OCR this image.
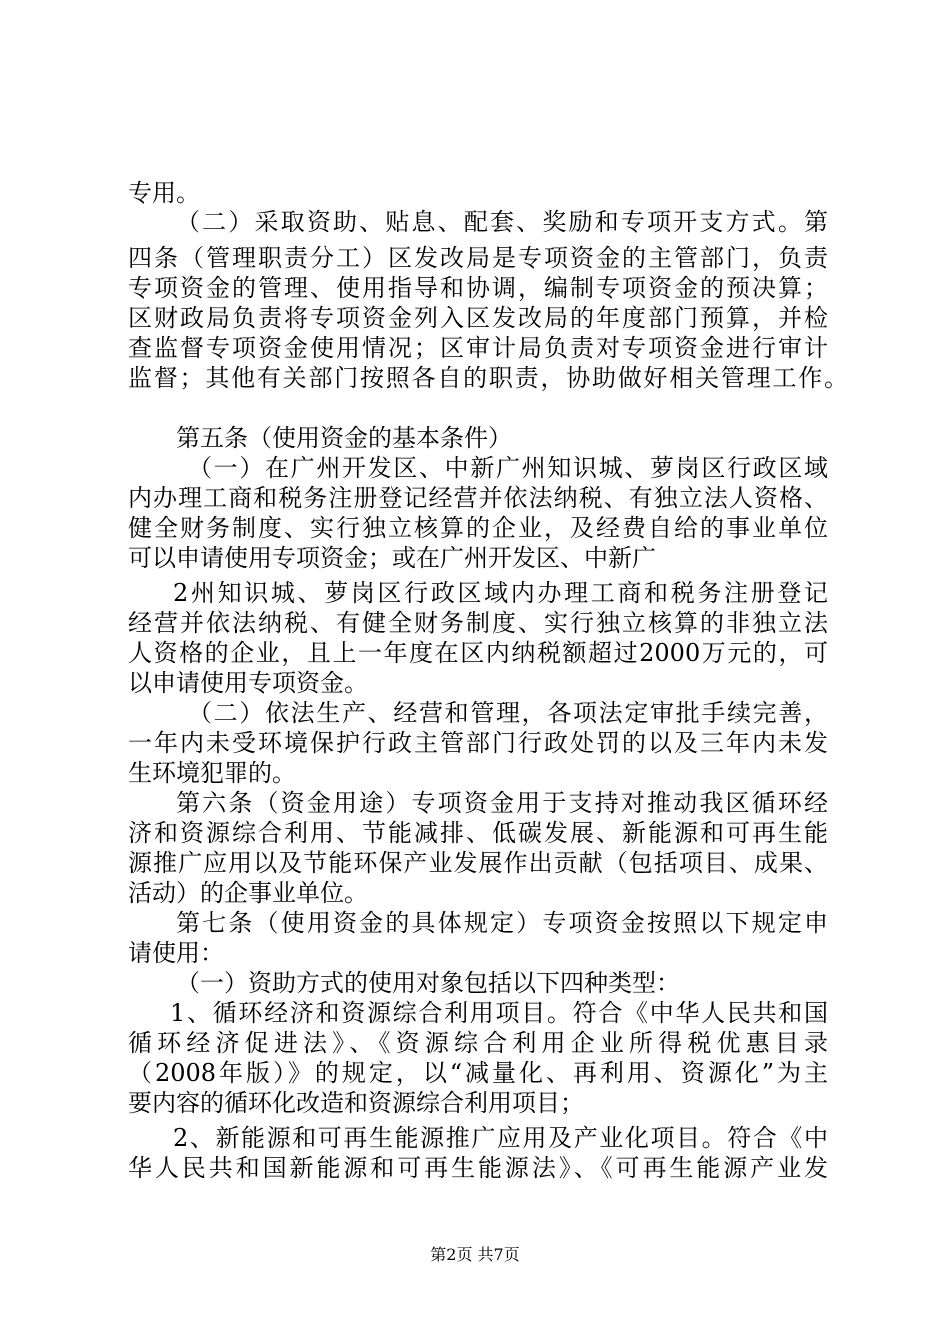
专用。
（二）采取资助、贴息、配套、奖励和专项开支方式。第
四条（管理职责分工）区发改局是专项资金的主管部门，负责
专项资金的管理、使用指导和协调，编制专项资金的预决算；
区财政局负责将专项资金列入区发改局的年度部门预算，并检
查监督专项资金使用情况；区审计局负责对专项资金进行审计
监督；其他有关部门按照各自的职责，协助做好相关管理工作。
第五条（使用资金的基本条件）
（一）在广州开发区、中新广州知识城、萝岗区行政区域
内办理工商和税务注册登记经营并依法纳税、有独立法人资格、
健全财务制度、实行独立核算的企业，及经费自给的事业单位
可以申请使用专项资金；或在广州开发区、中新广
2州知识城、萝岗区行政区域内办理工商和税务注册登记
经营并依法纳税、有健全财务制度、实行独立核算的非独立法
人资格的企业，且上一年度在区内纳税额超过2000万元的，可
以申请使用专项资金。
（二）依法生产、经营和管理，各项法定审批手续完善，
一年内未受环境保护行政主管部门行政处罚的以及三年内未发
生环境犯罪的。
第六条（资金用途）专项资金用于支持对推动我区循环经
济和资源综合利用、节能减排、低碳发展、新能源和可再生能
源推广应用以及节能环保产业发展作出贡献（包括项目、成果、
活动）的企事业单位。
第七条（使用资金的具体规定）专项资金按照以下规定申
请使用：
（一）资助方式的使用对象包括以下四种类型：
1、循环经济和资源综合利用项目。符合《中华人民共和国
循环经济促进法》、《资源综合利用企业所得税优惠目录
（2008年版）》的规定，以“减量化、再利用、资源化”为主
要内容的循环化改造和资源综合利用项目；
2、新能源和可再生能源推广应用及产业化项目。符合《中
华人民共和国新能源和可再生能源法》、《可再生能源产业发
第2页 共7页
